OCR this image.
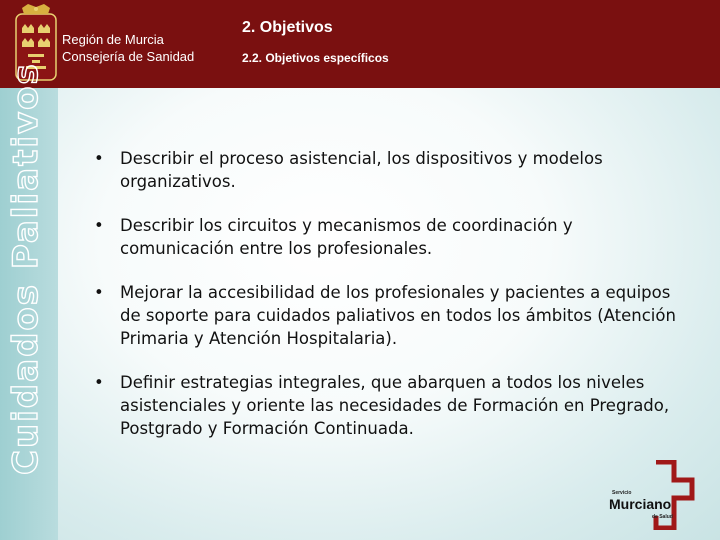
Región de Murcia
Consejería de Sanidad
2. Objetivos
2.2. Objetivos específicos
Cuidados Paliativos	• Describir el proceso asistencial, los dispositivos y modelos organizativos.
• Describir los circuitos y mecanismos de coordinación y comunicación entre los profesionales.
• Mejorar la accesibilidad de los profesionales y pacientes a equipos de soporte para cuidados paliativos en todos los ámbitos (Atención Primaria y Atención Hospitalaria).
• Definir estrategias integrales, que abarquen a todos los niveles asistenciales y oriente las necesidades de Formación en Pregrado, Postgrado y Formación Continuada.
Servicio
Murciano
de Salud
